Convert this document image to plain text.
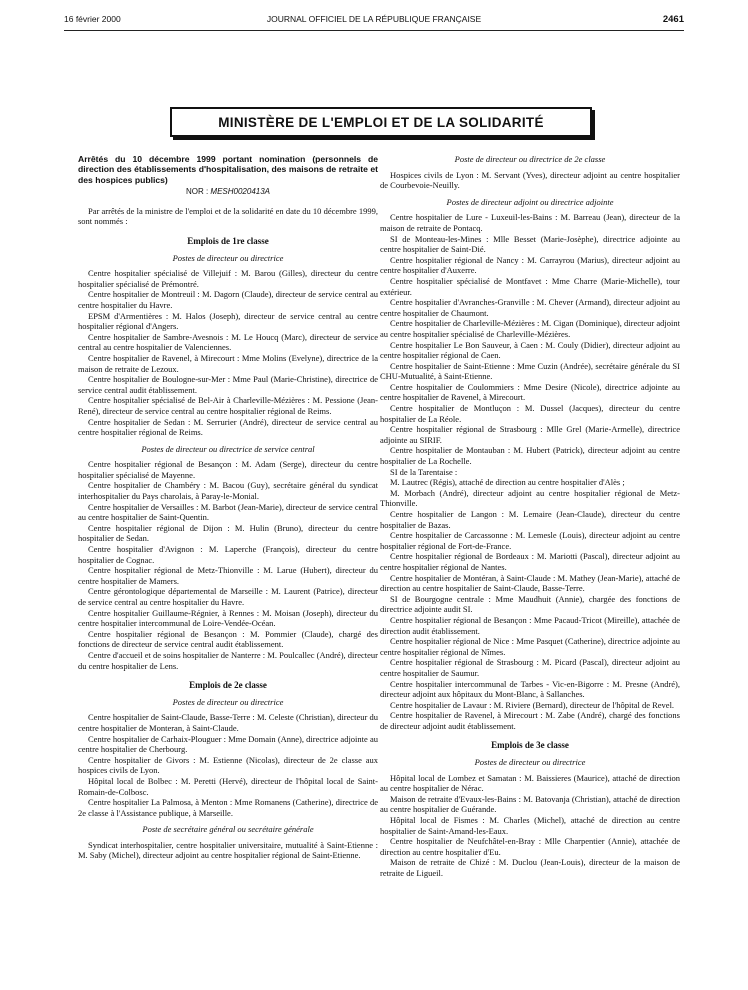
16 février 2000	JOURNAL OFFICIEL DE LA RÉPUBLIQUE FRANÇAISE	2461
MINISTÈRE DE L'EMPLOI ET DE LA SOLIDARITÉ

Arrêtés du 10 décembre 1999 portant nomination (personnels de direction des établissements d'hospitalisation, des maisons de retraite et des hospices publics)

NOR : MESH0020413A

Par arrêtés de la ministre de l'emploi et de la solidarité en date du 10 décembre 1999, sont nommés :

Emplois de 1re classe
Postes de directeur ou directrice

Centre hospitalier spécialisé de Villejuif : M. Barou (Gilles), directeur du centre hospitalier spécialisé de Prémontré.

Centre hospitalier de Montreuil : M. Dagorn (Claude), directeur de service central au centre hospitalier du Havre.

EPSM d'Armentières : M. Halos (Joseph), directeur de service central au centre hospitalier régional d'Angers.

Centre hospitalier de Sambre-Avesnois : M. Le Houcq (Marc), directeur de service central au centre hospitalier de Valenciennes.

Centre hospitalier de Ravenel, à Mirecourt : Mme Molins (Evelyne), directrice de la maison de retraite de Lezoux.

Centre hospitalier de Boulogne-sur-Mer : Mme Paul (Marie-Christine), directrice de service central audit établissement.

Centre hospitalier spécialisé de Bel-Air à Charleville-Mézières : M. Pessione (Jean-René), directeur de service central au centre hospitalier régional de Reims.

Centre hospitalier de Sedan : M. Serrurier (André), directeur de service central au centre hospitalier régional de Reims.

Postes de directeur ou directrice de service central

Centre hospitalier régional de Besançon : M. Adam (Serge), directeur du centre hospitalier spécialisé de Mayenne.

Centre hospitalier de Chambéry : M. Bacou (Guy), secrétaire général du syndicat interhospitalier du Pays charolais, à Paray-le-Monial.

Centre hospitalier de Versailles : M. Barbot (Jean-Marie), directeur de service central au centre hospitalier de Saint-Quentin.

Centre hospitalier régional de Dijon : M. Hulin (Bruno), directeur du centre hospitalier de Sedan.

Centre hospitalier d'Avignon : M. Laperche (François), directeur du centre hospitalier de Cognac.

Centre hospitalier régional de Metz-Thionville : M. Larue (Hubert), directeur du centre hospitalier de Mamers.

Centre gérontologique départemental de Marseille : M. Laurent (Patrice), directeur de service central au centre hospitalier du Havre.

Centre hospitalier Guillaume-Régnier, à Rennes : M. Moisan (Joseph), directeur du centre hospitalier intercommunal de Loire-Vendée-Océan.

Centre hospitalier régional de Besançon : M. Pommier (Claude), chargé des fonctions de directeur de service central audit établissement.

Centre d'accueil et de soins hospitalier de Nanterre : M. Poulcallec (André), directeur du centre hospitalier de Lens.

Emplois de 2e classe
Postes de directeur ou directrice

Centre hospitalier de Saint-Claude, Basse-Terre : M. Celeste (Christian), directeur du centre hospitalier de Monteran, à Saint-Claude.

Centre hospitalier de Carhaix-Plouguer : Mme Domain (Anne), directrice adjointe au centre hospitalier de Cherbourg.

Centre hospitalier de Givors : M. Estienne (Nicolas), directeur de 2e classe aux hospices civils de Lyon.

Hôpital local de Bolbec : M. Peretti (Hervé), directeur de l'hôpital local de Saint-Romain-de-Colbosc.

Centre hospitalier La Palmosa, à Menton : Mme Romanens (Catherine), directrice de 2e classe à l'Assistance publique, à Marseille.

Poste de secrétaire général ou secrétaire générale

Syndicat interhospitalier, centre hospitalier universitaire, mutualité à Saint-Etienne : M. Saby (Michel), directeur adjoint au centre hospitalier régional de Saint-Etienne.

Poste de directeur ou directrice de 2e classe

Hospices civils de Lyon : M. Servant (Yves), directeur adjoint au centre hospitalier de Courbevoie-Neuilly.

Postes de directeur adjoint ou directrice adjointe

Centre hospitalier de Lure - Luxeuil-les-Bains : M. Barreau (Jean), directeur de la maison de retraite de Pontacq.

SI de Monteau-les-Mines : Mlle Besset (Marie-Josèphe), directrice adjointe au centre hospitalier de Saint-Dié.

Centre hospitalier régional de Nancy : M. Carrayrou (Marius), directeur adjoint au centre hospitalier d'Auxerre.

Centre hospitalier spécialisé de Montfavet : Mme Charre (Marie-Michelle), tour extérieur.

Centre hospitalier d'Avranches-Granville : M. Chever (Armand), directeur adjoint au centre hospitalier de Chaumont.

Centre hospitalier de Charleville-Mézières : M. Cigan (Dominique), directeur adjoint au centre hospitalier spécialisé de Charleville-Mézières.

Centre hospitalier Le Bon Sauveur, à Caen : M. Couly (Didier), directeur adjoint au centre hospitalier régional de Caen.

Centre hospitalier de Saint-Etienne : Mme Cuzin (Andrée), secrétaire générale du SI CHU-Mutualité, à Saint-Etienne.

Centre hospitalier de Coulommiers : Mme Desire (Nicole), directrice adjointe au centre hospitalier de Ravenel, à Mirecourt.

Centre hospitalier de Montluçon : M. Dussel (Jacques), directeur du centre hospitalier de La Réole.

Centre hospitalier régional de Strasbourg : Mlle Grel (Marie-Armelle), directrice adjointe au SIRIF.

Centre hospitalier de Montauban : M. Hubert (Patrick), directeur adjoint au centre hospitalier de La Rochelle.

SI de la Tarentaise :

M. Lautrec (Régis), attaché de direction au centre hospitalier d'Alès ;

M. Morbach (André), directeur adjoint au centre hospitalier régional de Metz-Thionville.

Centre hospitalier de Langon : M. Lemaire (Jean-Claude), directeur du centre hospitalier de Bazas.

Centre hospitalier de Carcassonne : M. Lemesle (Louis), directeur adjoint au centre hospitalier régional de Fort-de-France.

Centre hospitalier régional de Bordeaux : M. Mariotti (Pascal), directeur adjoint au centre hospitalier régional de Nantes.

Centre hospitalier de Montéran, à Saint-Claude : M. Mathey (Jean-Marie), attaché de direction au centre hospitalier de Saint-Claude, Basse-Terre.

SI de Bourgogne centrale : Mme Maudhuit (Annie), chargée des fonctions de directrice adjointe audit SI.

Centre hospitalier régional de Besançon : Mme Pacaud-Tricot (Mireille), attachée de direction audit établissement.

Centre hospitalier régional de Nice : Mme Pasquet (Catherine), directrice adjointe au centre hospitalier régional de Nîmes.

Centre hospitalier régional de Strasbourg : M. Picard (Pascal), directeur adjoint au centre hospitalier de Saumur.

Centre hospitalier intercommunal de Tarbes - Vic-en-Bigorre : M. Presne (André), directeur adjoint aux hôpitaux du Mont-Blanc, à Sallanches.

Centre hospitalier de Lavaur : M. Riviere (Bernard), directeur de l'hôpital de Revel.

Centre hospitalier de Ravenel, à Mirecourt : M. Zabe (André), chargé des fonctions de directeur adjoint audit établissement.

Emplois de 3e classe
Postes de directeur ou directrice

Hôpital local de Lombez et Samatan : M. Baissieres (Maurice), attaché de direction au centre hospitalier de Nérac.

Maison de retraite d'Evaux-les-Bains : M. Batovanja (Christian), attaché de direction au centre hospitalier de Guérande.

Hôpital local de Fismes : M. Charles (Michel), attaché de direction au centre hospitalier de Saint-Amand-les-Eaux.

Centre hospitalier de Neufchâtel-en-Bray : Mlle Charpentier (Annie), attachée de direction au centre hospitalier d'Eu.

Maison de retraite de Chizé : M. Duclou (Jean-Louis), directeur de la maison de retraite de Ligueil.
